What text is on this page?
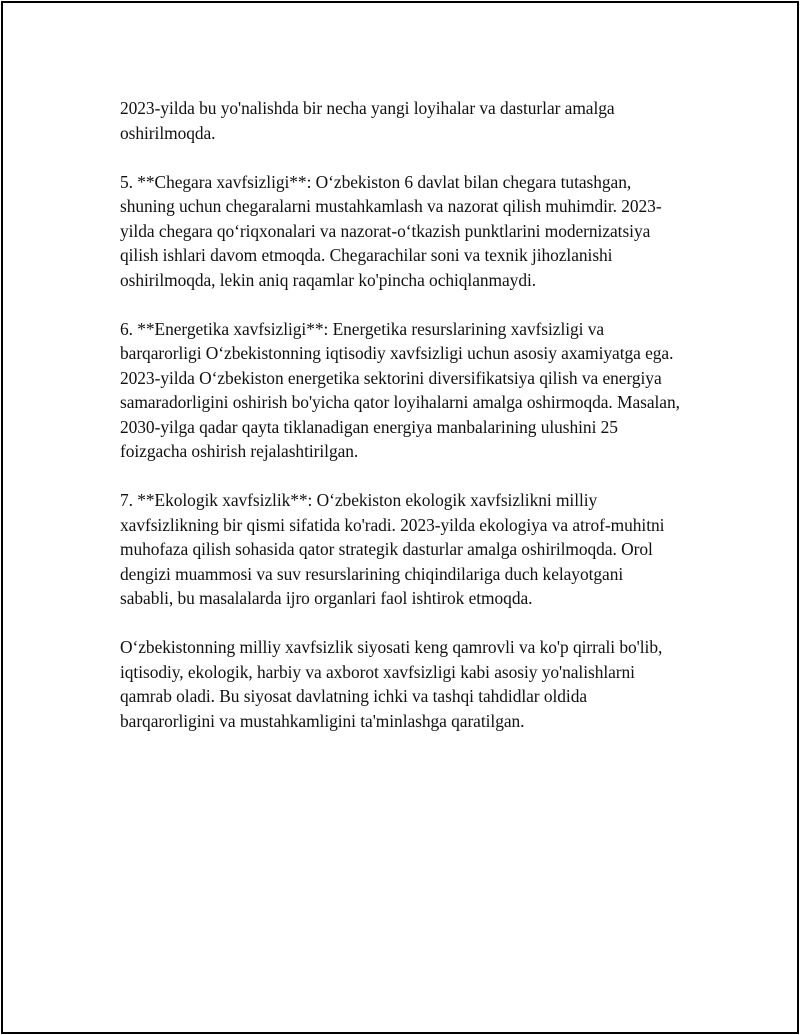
2023-yilda bu yo'nalishda bir necha yangi loyihalar va dasturlar amalga oshirilmoqda.

5. **Chegara xavfsizligi**: O‘zbekiston 6 davlat bilan chegara tutashgan, shuning uchun chegaralarni mustahkamlash va nazorat qilish muhimdir. 2023-yilda chegara qo‘riqxonalari va nazorat-o‘tkazish punktlarini modernizatsiya qilish ishlari davom etmoqda. Chegarachilar soni va texnik jihozlanishi oshirilmoqda, lekin aniq raqamlar ko'pincha ochiqlanmaydi.

6. **Energetika xavfsizligi**: Energetika resurslarining xavfsizligi va barqarorligi O‘zbekistonning iqtisodiy xavfsizligi uchun asosiy axamiyatga ega. 2023-yilda O‘zbekiston energetika sektorini diversifikatsiya qilish va energiya samaradorligini oshirish bo'yicha qator loyihalarni amalga oshirmoqda. Masalan, 2030-yilga qadar qayta tiklanadigan energiya manbalarining ulushini 25 foizgacha oshirish rejalashtirilgan.

7. **Ekologik xavfsizlik**: O‘zbekiston ekologik xavfsizlikni milliy xavfsizlikning bir qismi sifatida ko'radi. 2023-yilda ekologiya va atrof-muhitni muhofaza qilish sohasida qator strategik dasturlar amalga oshirilmoqda. Orol dengizi muammosi va suv resurslarining chiqindilariga duch kelayotgani sababli, bu masalalarda ijro organlari faol ishtirok etmoqda.

O‘zbekistonning milliy xavfsizlik siyosati keng qamrovli va ko'p qirrali bo'lib, iqtisodiy, ekologik, harbiy va axborot xavfsizligi kabi asosiy yo'nalishlarni qamrab oladi. Bu siyosat davlatning ichki va tashqi tahdidlar oldida barqarorligini va mustahkamligini ta'minlashga qaratilgan.
